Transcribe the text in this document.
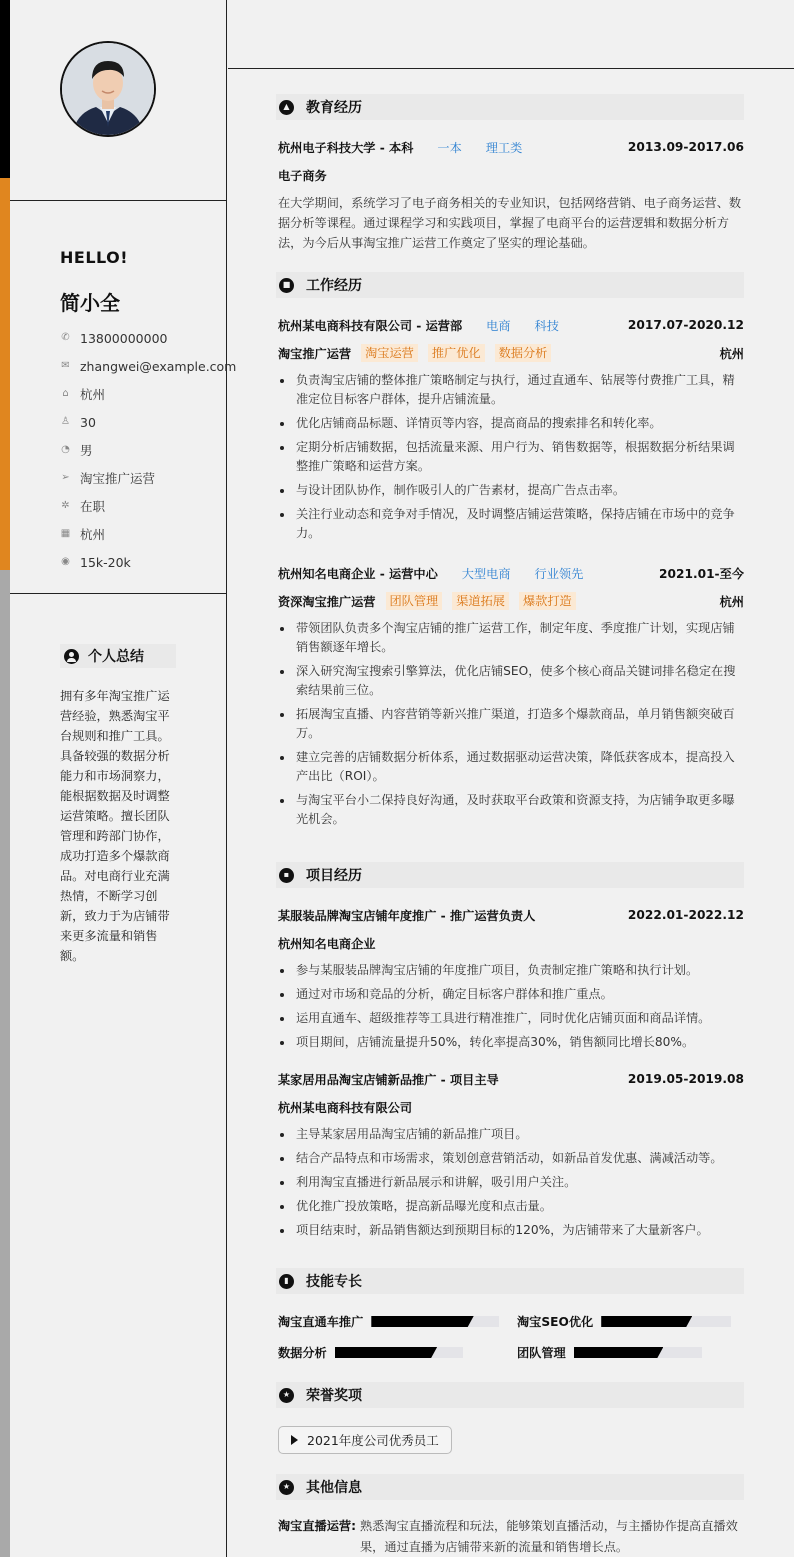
HELLO!
简小全
✆ 13800000000
✉ zhangwei@example.com
⌂ 杭州
♙ 30
◔ 男
➢ 淘宝推广运营
✲ 在职
▦ 杭州
◉ 15k-20k
个人总结
拥有多年淘宝推广运营经验，熟悉淘宝平台规则和推广工具。具备较强的数据分析能力和市场洞察力，能根据数据及时调整运营策略。擅长团队管理和跨部门协作，成功打造多个爆款商品。对电商行业充满热情，不断学习创新，致力于为店铺带来更多流量和销售额。
▲	教育经历
杭州电子科技大学 - 本科 一本 理工类	2013.09-2017.06
电子商务
在大学期间，系统学习了电子商务相关的专业知识，包括网络营销、电子商务运营、数据分析等课程。通过课程学习和实践项目，掌握了电商平台的运营逻辑和数据分析方法，为今后从事淘宝推广运营工作奠定了坚实的理论基础。
■ 工作经历
杭州某电商科技有限公司 - 运营部 电商 科技	2017.07-2020.12
淘宝推广运营	淘宝运营	推广优化	数据分析	杭州
负责淘宝店铺的整体推广策略制定与执行，通过直通车、钻展等付费推广工具，精准定位目标客户群体，提升店铺流量。
优化店铺商品标题、详情页等内容，提高商品的搜索排名和转化率。
定期分析店铺数据，包括流量来源、用户行为、销售数据等，根据数据分析结果调整推广策略和运营方案。
与设计团队协作，制作吸引人的广告素材，提高广告点击率。
关注行业动态和竞争对手情况，及时调整店铺运营策略，保持店铺在市场中的竞争力。
杭州知名电商企业 - 运营中心 大型电商 行业领先	2021.01-至今
资深淘宝推广运营	团队管理	渠道拓展	爆款打造	杭州
带领团队负责多个淘宝店铺的推广运营工作，制定年度、季度推广计划，实现店铺销售额逐年增长。
深入研究淘宝搜索引擎算法，优化店铺SEO，使多个核心商品关键词排名稳定在搜索结果前三位。
拓展淘宝直播、内容营销等新兴推广渠道，打造多个爆款商品，单月销售额突破百万。
建立完善的店铺数据分析体系，通过数据驱动运营决策，降低获客成本，提高投入产出比（ROI）。
与淘宝平台小二保持良好沟通，及时获取平台政策和资源支持，为店铺争取更多曝光机会。
▪	项目经历
某服装品牌淘宝店铺年度推广 - 推广运营负责人	2022.01-2022.12
杭州知名电商企业
参与某服装品牌淘宝店铺的年度推广项目，负责制定推广策略和执行计划。
通过对市场和竞品的分析，确定目标客户群体和推广重点。
运用直通车、超级推荐等工具进行精准推广，同时优化店铺页面和商品详情。
项目期间，店铺流量提升50%，转化率提高30%，销售额同比增长80%。
某家居用品淘宝店铺新品推广 - 项目主导	2019.05-2019.08
杭州某电商科技有限公司
主导某家居用品淘宝店铺的新品推广项目。
结合产品特点和市场需求，策划创意营销活动，如新品首发优惠、满减活动等。
利用淘宝直播进行新品展示和讲解，吸引用户关注。
优化推广投放策略，提高新品曝光度和点击量。
项目结束时，新品销售额达到预期目标的120%，为店铺带来了大量新客户。
▮	技能专长
淘宝直通车推广	淘宝SEO优化
数据分析	团队管理
★ 荣誉奖项
2021年度公司优秀员工
★ 其他信息
淘宝直播运营: 熟悉淘宝直播流程和玩法，能够策划直播活动，与主播协作提高直播效果，通过直播为店铺带来新的流量和销售增长点。
